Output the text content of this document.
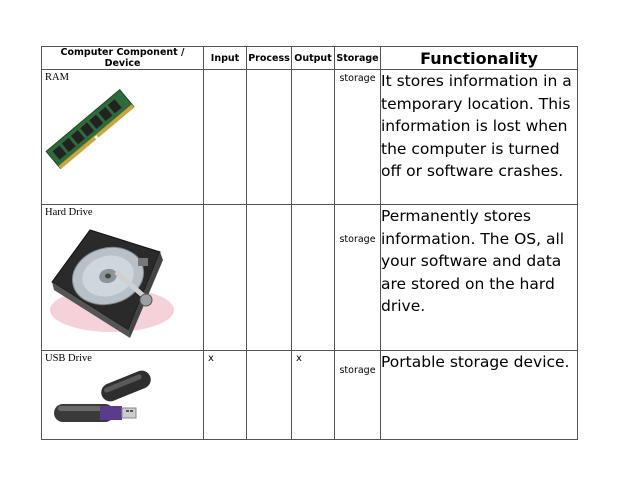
Computer Component / Device	Input	Process	Output	Storage	Functionality

RAM				storage	It stores information in a temporary location. This information is lost when the computer is turned off or software crashes.

Hard Drive				storage	Permanently stores information. The OS, all your software and data are stored on the hard drive.

USB Drive	x		x	storage	Portable storage device.
